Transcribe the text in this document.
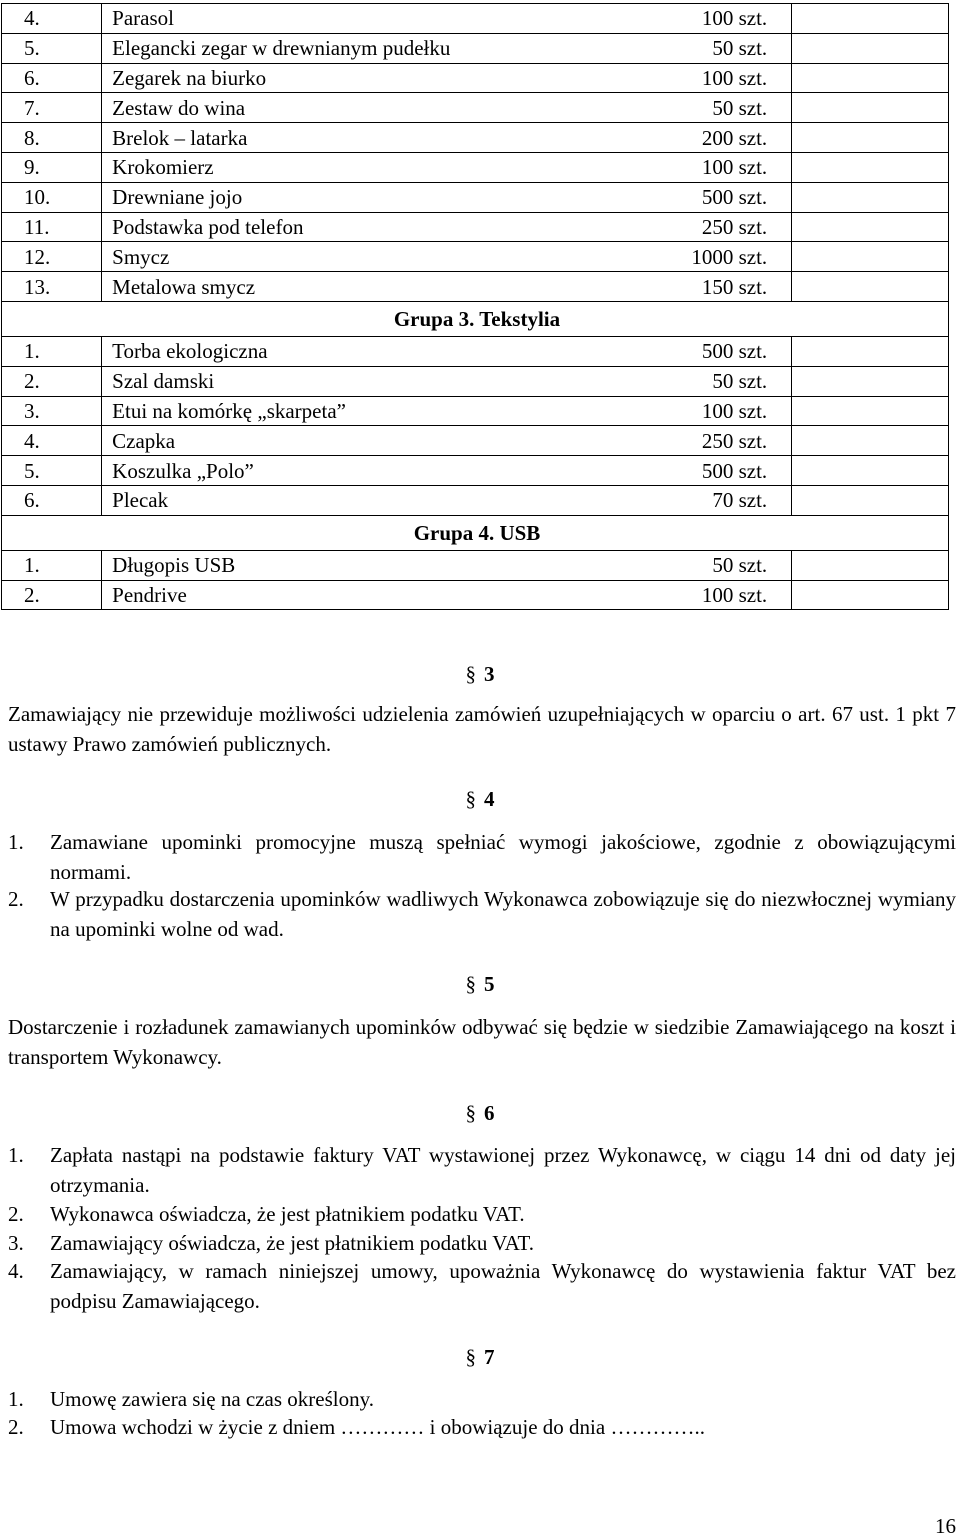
4.	Parasol	100 szt.	
5.	Elegancki zegar w drewnianym pudełku	50 szt.	
6.	Zegarek na biurko	100 szt.	
7.	Zestaw do wina	50 szt.	
8.	Brelok – latarka	200 szt.	
9.	Krokomierz	100 szt.	
10.	Drewniane jojo	500 szt.	
11.	Podstawka pod telefon	250 szt.	
12.	Smycz	1000 szt.	
13.	Metalowa smycz	150 szt.	
Grupa 3. Tekstylia			
1.	Torba ekologiczna	500 szt.	
2.	Szal damski	50 szt.	
3.	Etui na komórkę „skarpeta”	100 szt.	
4.	Czapka	250 szt.	
5.	Koszulka „Polo”	500 szt.	
6.	Plecak	70 szt.	
Grupa 4. USB			
1.	Długopis USB	50 szt.	
2.	Pendrive	100 szt.	
§ 3
Zamawiający nie przewiduje możliwości udzielenia zamówień uzupełniających w oparciu o art. 67 ust. 1 pkt 7 ustawy Prawo zamówień publicznych.
§ 4
1. Zamawiane upominki promocyjne muszą spełniać wymogi jakościowe, zgodnie z obowiązującymi normami.
2. W przypadku dostarczenia upominków wadliwych Wykonawca zobowiązuje się do niezwłocznej wymiany na upominki wolne od wad.
§ 5
Dostarczenie i rozładunek zamawianych upominków odbywać się będzie w siedzibie Zamawiającego na koszt i transportem Wykonawcy.
§ 6
1. Zapłata nastąpi na podstawie faktury VAT wystawionej przez Wykonawcę, w ciągu 14 dni od daty jej otrzymania.
2. Wykonawca oświadcza, że jest płatnikiem podatku VAT.
3. Zamawiający oświadcza, że jest płatnikiem podatku VAT.
4. Zamawiający, w ramach niniejszej umowy, upoważnia Wykonawcę do wystawienia faktur VAT bez podpisu Zamawiającego.
§ 7
1. Umowę zawiera się na czas określony.
2. Umowa wchodzi w życie z dniem ………… i obowiązuje do dnia …………..
16
